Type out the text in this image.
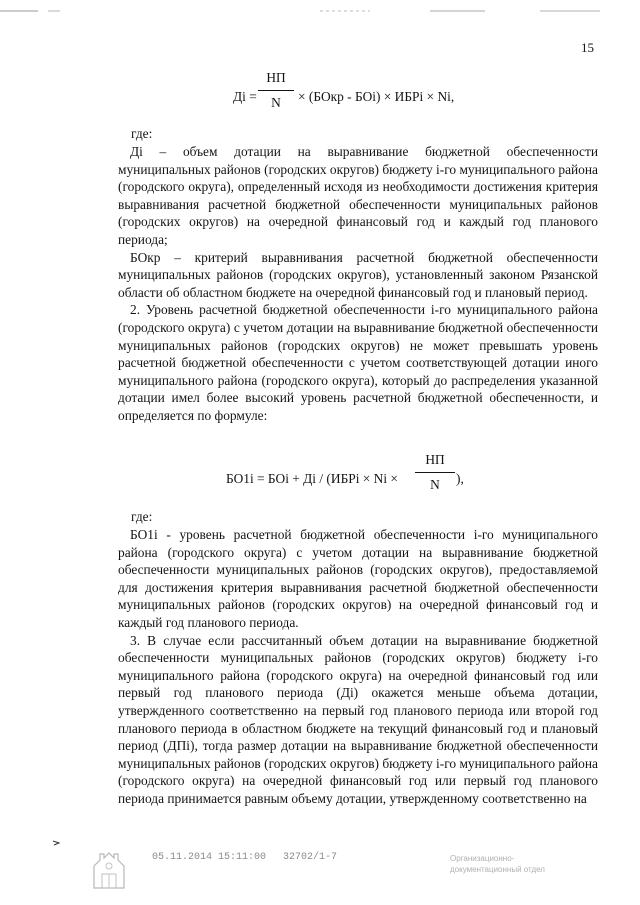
15
Дi =
НП
N	× (БОкр - БОi) × ИБРi × Ni,
где:

Дi – объем дотации на выравнивание бюджетной обеспеченности муниципальных районов (городских округов) бюджету i-го муниципального района (городского округа), определенный исходя из необходимости достижения критерия выравнивания расчетной бюджетной обеспеченности муниципальных районов (городских округов) на очередной финансовый год и каждый год планового периода;

БОкр – критерий выравнивания расчетной бюджетной обеспеченности муниципальных районов (городских округов), установленный законом Рязанской области об областном бюджете на очередной финансовый год и плановый период.

2. Уровень расчетной бюджетной обеспеченности i-го муниципального района (городского округа) с учетом дотации на выравнивание бюджетной обеспеченности муниципальных районов (городских округов) не может превышать уровень расчетной бюджетной обеспеченности с учетом соответствующей дотации иного муниципального района (городского округа), который до распределения указанной дотации имел более высокий уровень расчетной бюджетной обеспеченности, и определяется по формуле:

БО1i = БОi + Дi / (ИБРi × Ni ×
НП
N	),
где:

БО1i - уровень расчетной бюджетной обеспеченности i-го муниципального района (городского округа) с учетом дотации на выравнивание бюджетной обеспеченности муниципальных районов (городских округов), предоставляемой для достижения критерия выравнивания расчетной бюджетной обеспеченности муниципальных районов (городских округов) на очередной финансовый год и каждый год планового периода.

3. В случае если рассчитанный объем дотации на выравнивание бюджетной обеспеченности муниципальных районов (городских округов) бюджету i-го муниципального района (городского округа) на очередной финансовый год или первый год планового периода (Дi) окажется меньше объема дотации, утвержденного соответственно на первый год планового периода или второй год планового периода в областном бюджете на текущий финансовый год и плановый период (ДПi), тогда размер дотации на выравнивание бюджетной обеспеченности муниципальных районов (городских округов) бюджету i-го муниципального района (городского округа) на очередной финансовый год или первый год планового периода принимается равным объему дотации, утвержденному соответственно на

05.11.2014 15:11:00 32702/1-7	Организационно-
документационный отдел
